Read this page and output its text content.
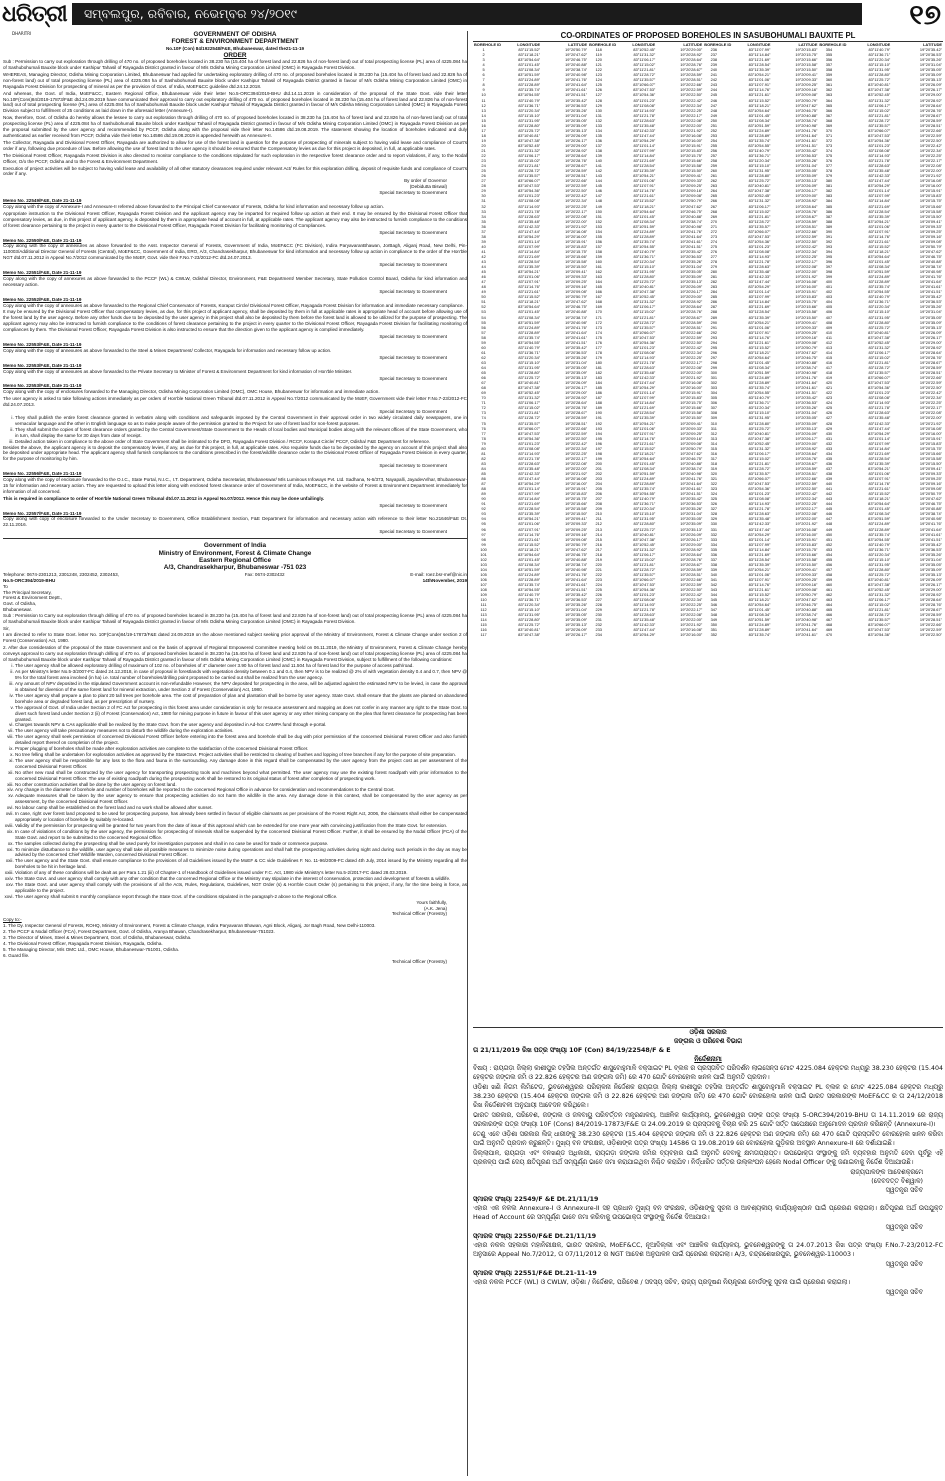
ଧରିତ୍ରୀ
DHARITRI
ସମ୍ବଲପୁର, ରବିବାର, ନଭେମ୍ବର ୨୪/୨୦୧୯	୧୭
GOVERNMENT OF ODISHA
FOREST & ENVIRONMENT DEPARTMENT
No.10F (Con) 84/1922548/F&E, Bhubaneswar, dated the21-11-19
ORDER
Sub : Permission to carry out exploration through drilling of 470 no. of proposed boreholes located in 38.230 ha (15.404 ha of forest land and 22.826 ha of non-forest land) out of total prospecting license (PL) area of 4225.084 ha of Sashubohumali Bauxite block under Kashipur Tahasil of Rayagada District granted in favour of M/s Odisha Mining Corporation Limited (OMC) in Rayagada Forest Division.
WHEREAS, Managing Director, Odisha Mining Corporation Limited, Bhubaneswar had applied for undertaking exploratory drilling of 470 no. of proposed boreholes located in 38.230 ha (15.404 ha of forest land and 22.826 ha of non-forest land) out of total prospecting license (PL) area of 4225.084 ha of Sashubohumali Bauxite block under Kashipur Tahasil of Rayagada District granted in favour of M/s Odisha Mining Corporation Limited (OMC) in Rayagada Forest Division for prospecting of mineral as per the provision of Govt. of India, MoEF&CC guideline dtd.24.12.2018.
And whereas, the Govt. of India, MoEF&CC, Eastern Regional Office, Bhubaneswar vide their letter No.5-ORC394/2019-BHU dtd.14.11.2019 in consideration of the proposal of the State Govt. vide their letter No.10F(Cons)84/2019-17873/F&E dtd.24.09.2019 have communicated their approval to carry out exploratory drilling of 470 no. of proposed boreholes located in 38.230 ha (15.404 ha of forest land and 22.826 ha of non-forest land) out of total prospecting license (PL) area of 4225.084 ha of Sashubohumali Bauxite block under Kashipur Tahasil of Rayagada District granted in favour of M/s Odisha Mining Corporation Limited (OMC) in Rayagada Forest Division subject to fulfillment of 25 conditions as laid down in the aforesaid letter (Annexure-I).
Now, therefore, Govt. of Odisha do hereby allows the lessee to carry out exploration through drilling of 470 no. of proposed boreholes located in 38.230 ha (15.404 ha of forest land and 22.826 ha of non-forest land) out of total prospecting license (PL) area of 4225.084 ha of Sashubohumali Bauxite block under Kashipur Tahasil of Rayagada District granted in favour of M/s Odisha Mining Corporation Limited (OMC) in Rayagada Forest Division as per the proposal submitted by the user agency and recommended by PCCF, Odisha along with the proposal vide their letter No.14586 dtd.19.08.2019. The statement showing the location of boreholes indicated and duly authenticated as earlier received from PCCF, Odisha vide their letter No.14586 dtd.19.08.2019 is appended herewith as Annexure-II.
The Collector, Rayagada and Divisional Forest Officer, Rayagada are authorized to allow for use of the forest land in question for the purpose of prospecting of minerals subject to having valid lease and compliance of Court's order if any, following due procedure of law. Before allowing the use of forest land to the user agency it should be ensured that the Compensatory levies as due for this project is deposited, in full, at applicable rates.
The Divisional Forest Officer, Rayagada Forest Division is also directed to monitor compliance to the conditions stipulated for such exploration in the respective forest clearance order and to report violations, if any, to the Nodal Officer, O/o the PCCF, Odisha and to the Forest & Environment Department.
Execution of project activities will be subject to having valid lease and availability of all other statutory clearances required under relevant Act/ Rules for this exploration drilling, deposit of requisite funds and compliance of Court's order if any.
By order of Governor
(Debidutta Biswal)
Special Secretary to Government
Memo No. 22549/F&E, Date 21-11-19
Copy along with the copy of Annexure-I and Annexure-II referred above forwarded to the Principal Chief Conservator of Forests, Odisha for kind information and necessary follow up action.
Appropriate instruction to the Divisional Forest Officer, Rayagada Forest Division and the applicant agency may be imparted for required follow up action at their end. It may be ensured by the Divisional Forest Officer that compensatory levies, as due, in this project of applicant agency, is deposited by them in appropriate head of account in full, at applicable rates. The applicant agency may also be instructed to furnish compliance to the conditions of forest clearance pertaining to the project in every quarter to the Divisional Forest Officer, Rayagada Forest Division for facilitating monitoring of Compliances.
Special Secretary to Government
Memo No. 22550/F&E, Date 21-11-19
Copy along with the copy of annexures as above forwarded to the Asst. Inspector General of Forests, Government of India, MoEF&CC (FC Division), Indira ParyavaranBhawan, JorBagh, Aliganj Road, New Delhi, Pin-110003/Additional Director General of Forests (Central), MoEF&CC, Government of India, ERO, A/3, Chandrasekharpur, Bhubaneswar for kind information and necessary follow up action in compliance to the order of the Hon'ble NGT dtd.07.11.2012 in Appeal No.7/2012 communicated by the MoEF, Govt. vide their F.No.7-23/2012-FC dtd.24.07.2013.
Special Secretary to Government
Memo No. 22551/F&E, Date 21-11-19
Copy along with the copy of annexures as above forwarded to the PCCF (WL) & CWLW, Odisha/ Director, Environment, F&E Department/ Member Secretary, State Pollution Control Board, Odisha for kind information and necessary action.
Special Secretary to Government
Memo No. 22552/F&E, Date 21-11-19
Copy along with the copy of annexures as above forwarded to the Regional Chief Conservator of Forests, Koraput Circle/ Divisional Forest Officer, Rayagada Forest Division for information and immediate necessary compliance.
It may be ensured by the Divisional Forest Officer that compensatory levies, as due, for this project of applicant agency, shall be deposited by them in full at applicable rates in appropriate head of account before allowing use of the forest land by the user agency. Before any other funds due to be deposited by the user agency in this project shall also be deposited by them before the forest land is allowed to be utilized for the purpose of prospecting. The applicant agency may also be instructed to furnish compliance to the conditions of forest clearance pertaining to the project in every quarter to the Divisional Forest Officer, Rayagada Forest Division for facilitating monitoring of compliances by them. The Divisional Forest Officer, Rayagada Forest Division is also instructed to ensure that the direction given to the applicant agency is complied immediately.
Special Secretary to Government
Memo No. 22553/F&E, Date 21-11-19
Copy along with the copy of annexures as above forwarded to the Steel & Mines Department/ Collector, Rayagada for information and necessary follow up action.
Special Secretary to Government
Memo No. 22553/F&E, Date 21-11-19
Copy along with the copy of annexures as above forwarded to the Private Secretary to Minister of Forest & Environment Department for kind information of Hon'ble Minister.
Special Secretary to Government
Memo No. 22553/F&E, Date 21-11-19
Copy along with the copy of enclosures forwarded to the Managing Director, Odisha Mining Corporation Limited (OMC), OMC House, Bhubaneswar for information and immediate action.
The user agency is asked to take following actions immediately as per orders of Hon'ble National Green Tribunal dtd.07.11.2012 in Appeal No.7/2012 communicated by the MoEF, Government vide their letter F.No.7-23/2012-FC dtd.24.07.2013.
Special Secretary to Government
i. They shall publish the entire forest clearance granted in verbatim along with conditions and safeguards imposed by the Central Government in their approval order in two widely circulated daily newspapers, one in vernacular language and the other in English language so as to make people aware of the permission granted to the Project for use of forest land for non-forest purposes.
ii. They shall submit the copies of forest clearance orders granted by the Central Government/State Government to the Heads of local bodies and Municipal bodies along with the relevant offices of the State Government, who in turn, shall display the same for 30 days from date of receipt.
iii. Detailed action taken in compliance to the above order of State Government shall be intimated to the DFO, Rayagada Forest Division / RCCF, Koraput Circle/ PCCF, Odisha/ F&E Department for reference.
Besides the above, the applicant agency is to deposit the compensatory levies, if any, as due for this project, in full, at applicable rates. Also requisite funds due to be deposited by the agency on account of this project shall also be deposited under appropriate head. The applicant agency shall furnish compliances to the conditions prescribed in the forest/wildlife clearance order to the Divisional Forest Officer of Rayagada Forest Division in every quarter, for the purpose of monitoring by him.
Special Secretary to Government
Memo No. 22556/F&E, Date 21-11-19
Copy along with the copy of enclosure forwarded to the O.I.C., State Portal, N.I.C., I.T. Department, Odisha Secretariat, Bhubaneswar/ M/s Luminous Infoways Pvt. Ltd. Sadhana, N-6/373, Nayapalli, JayadevVihar, Bhubaneswar-15 for information and necessary action. They are requested to upload this letter along with enclosed forest clearance order of Government of India, MoEF&CC, in the website of Forest & Environment Department immediately for information of all concerned.
This is required in compliance to order of Hon'ble National Green Tribunal dtd.07.11.2012 in Appeal No.07/2012. Hence this may be done unfailingly.
Special Secretary to Government
Memo No. 22557/F&E, Date 21-11-19
Copy along with copy of enclosure forwarded to the Under Secretary to Government, Office Establishment Section, F&E Department for information and necessary action with reference to their letter No.21646/F&E Dt. 22.11.2016.
Special Secretary to Government
Government of India
Ministry of Environment, Forest & Climate Change
Eastern Regional Office
A/3, Chandrasekharpur, Bhubaneswar -751 023
Telephone: 0674-2301213, 2301248, 2302452, 2302453,	Fax: 0674-2302432	E-mail: roez.bsr-mef@nic.in
No.5-ORC394/2019-BHU	14thNovember, 2019
To
The Principal Secretary,
Forest & Environment Deptt.,
Govt. of Odisha,
Bhubaneswar.
Sub : Permission to Carry out exploration through drilling of 470 no. of proposed boreholes located in 38.230 ha (15.404 ha of forest land and 22.826 ha of non-forest land) out of total prospecting license (PL) area of 4225.084 ha of Sashubohumali Bauxite block under Kashipur Tahasil of Rayagada District granted in favour of M/s Odisha Mining Corporation Limited (OMC) in Rayagada Forest Division.
Sir,
I am directed to refer to State Govt. letter No. 10F(Cons)84/19-17873/F&E dated 24.09.2019 on the above mentioned subject seeking prior approval of the Ministry of Environment, Forest & Climate Change under section 2 of Forest (Conservation) Act, 1980.
2. After due consideration of the proposal of the State Government and on the basis of approval of Regional Empowered Committee meeting held on 06.11.2019, the Ministry of Environment, Forest & Climate Change hereby conveys approval to carry out exploration through drilling of 470 no. of proposed boreholes located in 38.230 ha (15.404 ha of forest land and 22.826 ha of non-forest land) out of total prospecting license (PL) area of 4225.084 ha of Sashubohumali Bauxite block under Kashipur Tahasil of Rayagada District granted in favour of M/s Odisha Mining Corporation Limited (OMC) in Rayagada Forest Division, subject to fulfillment of the following conditions:
i. The user agency shall be allowed exploratory drilling of maximum of 102 no. of boreholes of 4" diameter over 3.90 ha of forest land and 11.504 ha of forest land for the purpose of access path/road.
ii. As per Ministry's letter No.5-3/2007-FC dated 24.12.2018, in case of proposal in forestlands with vegetation density between 0.1 and 0.4, then NPV is to be realized @ 2% of with vegetation density 0.4 and 0.7, then NPV @ 5% for the total forest area involved (in ha) i.e. total number of boreholes/drilling point proposed to be carried out shall be realized from the user agency.
iii. Any amount of NPV deposited in the stipulated Government account is non-refundable However, the NPV deposited for prospecting in the area, will be adjusted against the estimated NPV to be levied, in case the approval is obtained for diversion of the same forest land for mineral extraction, under Section 2 of Forest (Conservation) Act, 1980.
iv. The user agency shall prepare a plan to plant 20 tall trees per borehole area. The cost of preparation of plan and plantation shall be borne by user agency. State Govt. shall ensure that the plants are planted on abandoned borehole area or degraded forest land, as per prescription of nursery.
v. The approval of Govt. of India under Section 2 of FC Act for prospecting in this forest area under consideration is only for resource assessment and mapping as does not confer in any manner any right to the State Govt. to divert such forest land under Section 2 (ii) of Forest (Conservation) Act, 1980 for mining purpose in future in favour of this user agency or any other mining company on the plea that forest clearance for prospecting has been granted.
vi. Charges towards NPV & CAs applicable shall be realized by the State Govt. from the user agency and deposited in Ad-hoc CAMPA fund through e-portal.
vii. The user agency will take precautionary measures not to disturb the wildlife during the exploration activities.
viii. The user agency shall seek permission of concerned Divisional Forest Officer before entering into the forest area and borehole shall be dug with prior permission of the concerned Divisional Forest Officer and also furnish detailed report thereof on completion of the project.
ix. Proper plugging of boreholes shall be made after exploration activities are complete to the satisfaction of the concerned Divisional Forest Officer.
x. No tree felling shall be undertaken for exploration activities as approved by the StateGovt. Project activities shall be restricted to clearing of bushes and lopping of tree branches if any for the purpose of site preparation.
xi. The user agency shall be responsible for any loss to the flora and fauna in the surrounding. Any damage done in this regard shall be compensated by the user agency from the project cost as per assessment of the concerned Divisional Forest Officer.
xii. No other new road shall be constructed by the user agency for transporting prospecting tools and machines beyond what permitted. The user agency may use the existing forest road/path with prior information to the concerned Divisional Forest Officer. The use of existing road/path during the prospecting work shall be restored to its original status of forest after completion of prospecting work.
xiii. No other construction activities shall be done by the user agency on forest land.
xiv. Any change in the diameter of borehole and number of boreholes will be reported to the concerned Regional Office in advance for consideration and recommendations to the Central Govt.
xv. Adequate measures shall be taken by the user agency to ensure that prospecting activities do not harm the wildlife in the area. Any damage done in this context, shall be compensated by the user agency as per assessment, by the concerned Divisional Forest Officer.
xvi. No labour camp shall be established on the forest land and no work shall be allowed after sunset.
xvii. In case, right over forest land proposed to be used for prospecting purpose, has already been settled in favour of eligible claimants as per provisions of the Forest Right Act, 2006, the claimants shall either be compensated appropriately or location of borehole by suitably re-located.
xviii. Validity of the permission for prospecting will be granted for two years from the date of issue of this approval which can be extended for one more year with convincing justification from the State Govt. for extension.
xix. In case of violations of conditions by the user agency, the permission for prospecting of minerals shall be suspended by the concerned Divisional Forest Officer. Further, it shall be ensured by the Nodal Officer (FCA) of the State Govt. and report to be submitted to the concerned Regional Office.
xx. The samples collected during the prospecting shall be used purely for investigation purposes and shall in no case be used for trade or commerce purpose.
xxi. To minimize disturbance to the wildlife, user agency shall take all possible measures to minimize noise during operations and shall halt the prospecting activities during night and during such periods in the day as may be advised by the concerned Chief Wildlife Warden, concerned Divisional Forest Officer.
xxii. The user agency and the State Govt. shall ensure compliance to the provisions of all Guidelines issued by the MoEF & CC vide Guidelines F. No. 11-96/2009-FC dated 4th July, 2014 issued by the Ministry regarding all the boreholes to be hit in heritage land.
xxiii. Violation of any of these conditions will be dealt as per Para 1.21 (iii) of Chapter-1 of Handbook of Guidelines issued under F.C. Act, 1980 vide Ministry's letter No.5-2/2017-FC dated 28.03.2019.
xxiv. The State Govt. and user agency shall comply with any other condition that the concerned Regional Office or the Ministry may stipulate in the interest of conservation, protection and development of forests & wildlife.
xxv. The State Govt. and user agency shall comply with the provisions of all the Acts, Rules, Regulations, Guidelines, NGT Order (s) & Hon'ble Court Order (s) pertaining to this project, if any, for the time being in force, as applicable to the project.
xxvi. The user agency shall submit 6 monthly compliance report through the State Govt. of the conditions stipulated in the paragraph-2 above to the Regional Office.
Yours faithfully,
(A.K. Jena)
Technical Officer (Forestry)
Copy to:-
1. The Dy. Inspector General of Forests, ROHQ, Ministry of Environment, Forest & Climate Change, Indira Paryavaran Bhawan, Agni Block, Aliganj, Jor Bagh Road, New Delhi-110003.
2. The PCCF & Nodal Officer (FCA), Forest Department, Govt. of Odisha, Aranya Bhawan, Chandrasekharpur, Bhubaneswar-751023.
3. The Director of Mines, Steel & Mines Department, Govt. of Odisha, Bhubaneswar, Odisha.
4. The Divisional Forest Officer, Rayagada Forest Division, Rayagada, Odisha.
5. The Managing Director, M/s OMC Ltd., OMC House, Bhubaneswar-751001, Odisha.
6. Guard file.
Technical Officer (Forestry)
CO-ORDINATES OF PROPOSED BOREHOLES IN SASUBOHUMALI BAUXITE PL
BOREHOLE ID	LONGITUDE	LATITUDE	BOREHOLE ID	LONGITUDE	LATITUDE	BOREHOLE ID	LONGITUDE	LATITUDE	BOREHOLE ID	LONGITUDE	LATITUDE
1	83°11'15.52"	19°20'50.79"	118	83°10'52.45"	19°20'29.00"	236	83°11'07.99"	19°20'15.83"	354	83°11'40.79"	19°20'35.42"
2	83°11'18.21"	19°20'47.62"	119	83°11'31.32"	19°20'28.92"	237	83°11'14.84"	19°20'15.75"	355	83°11'36.71"	19°20'36.53"
3	83°10'54.64"	19°20'46.75"	120	83°11'06.17"	19°20'28.64"	238	83°11'21.69"	19°20'15.66"	356	83°11'20.34"	19°20'35.26"
4	83°11'01.45"	19°20'40.88"	121	83°11'15.02"	19°20'28.76"	239	83°11'28.54"	19°20'15.58"	357	83°11'15.10"	19°20'31.04"
5	83°11'08.34"	19°20'38.74"	122	83°11'21.81"	19°20'28.67"	240	83°11'35.39"	19°20'15.50"	358	83°11'31.95"	19°20'35.05"
6	83°10'51.59"	19°20'40.98"	123	83°11'28.72"	19°20'28.59"	241	83°10'54.21"	19°20'09.41"	359	83°11'28.80"	19°20'35.09"
7	83°11'24.89"	19°20'41.76"	124	83°11'35.57"	19°20'28.51"	242	83°11'01.06"	19°20'09.33"	360	83°11'25.72"	19°20'35.13"
8	83°11'28.89"	19°20'41.64"	125	83°10'66.07"	19°20'22.66"	243	83°11'07.91"	19°20'09.25"	361	83°10'40.81"	19°20'26.09"
9	83°11'35.74"	19°20'41.61"	126	83°10'47.53"	19°20'22.59"	244	83°11'14.76"	19°20'09.16"	362	83°10'47.38"	19°20'26.17"
10	83°10'54.55"	19°20'41.51"	127	83°10'54.36"	19°20'22.50"	245	83°11'21.61"	19°20'09.08"	363	83°10'52.45"	19°20'29.00"
11	83°11'40.79"	19°20'35.42"	128	83°11'01.23"	19°20'22.42"	246	83°11'15.52"	19°20'50.79"	364	83°11'31.32"	19°20'28.92"
12	83°11'36.71"	19°20'36.53"	129	83°11'08.08"	19°20'22.34"	247	83°11'18.21"	19°20'47.62"	365	83°11'06.17"	19°20'28.64"
13	83°11'20.34"	19°20'35.26"	130	83°11'14.93"	19°20'22.25"	248	83°10'54.64"	19°20'46.75"	366	83°11'15.02"	19°20'28.76"
14	83°11'15.10"	19°20'31.04"	131	83°11'21.78"	19°20'22.17"	249	83°11'01.45"	19°20'40.88"	367	83°11'21.81"	19°20'28.67"
15	83°11'31.95"	19°20'35.05"	132	83°11'28.63"	19°20'22.08"	250	83°11'08.34"	19°20'38.74"	368	83°11'28.72"	19°20'28.59"
16	83°11'28.80"	19°20'35.09"	133	83°11'35.48"	19°20'22.00"	251	83°10'51.59"	19°20'40.98"	369	83°11'35.57"	19°20'28.51"
17	83°11'25.72"	19°20'35.13"	134	83°11'42.33"	19°20'21.92"	252	83°11'24.89"	19°20'41.76"	370	83°10'66.07"	19°20'22.66"
18	83°10'40.81"	19°20'26.09"	135	83°11'47.44"	19°20'16.08"	253	83°11'28.89"	19°20'41.64"	371	83°10'47.53"	19°20'22.59"
19	83°10'47.38"	19°20'26.17"	136	83°10'54.29"	19°20'16.00"	254	83°11'35.74"	19°20'41.61"	372	83°10'54.36"	19°20'22.50"
20	83°10'52.45"	19°20'29.00"	137	83°11'01.14"	19°20'15.91"	255	83°10'54.55"	19°20'41.51"	373	83°11'01.23"	19°20'22.42"
21	83°11'31.32"	19°20'28.92"	138	83°11'07.99"	19°20'15.83"	256	83°11'40.79"	19°20'35.42"	374	83°11'08.08"	19°20'22.34"
22	83°11'06.17"	19°20'28.64"	139	83°11'14.84"	19°20'15.75"	257	83°11'36.71"	19°20'36.53"	375	83°11'14.93"	19°20'22.25"
23	83°11'15.02"	19°20'28.76"	140	83°11'21.69"	19°20'15.66"	258	83°11'20.34"	19°20'35.26"	376	83°11'21.78"	19°20'22.17"
24	83°11'21.81"	19°20'28.67"	141	83°11'28.54"	19°20'15.58"	259	83°11'15.10"	19°20'31.04"	377	83°11'28.63"	19°20'22.08"
25	83°11'28.72"	19°20'28.59"	142	83°11'35.39"	19°20'15.50"	260	83°11'31.95"	19°20'35.05"	378	83°11'35.48"	19°20'22.00"
26	83°11'35.57"	19°20'28.51"	143	83°10'54.21"	19°20'09.41"	261	83°11'28.80"	19°20'35.09"	379	83°11'42.33"	19°20'21.92"
27	83°10'66.07"	19°20'22.66"	144	83°11'01.06"	19°20'09.33"	262	83°11'25.72"	19°20'35.13"	380	83°11'47.44"	19°20'16.08"
28	83°10'47.53"	19°20'22.59"	145	83°11'07.91"	19°20'09.25"	263	83°10'40.81"	19°20'26.09"	381	83°10'54.29"	19°20'16.00"
29	83°10'54.36"	19°20'22.50"	146	83°11'14.76"	19°20'09.16"	264	83°10'47.38"	19°20'26.17"	382	83°11'01.14"	19°20'15.91"
30	83°11'01.23"	19°20'22.42"	147	83°11'21.61"	19°20'09.08"	265	83°10'52.45"	19°20'29.00"	383	83°11'07.99"	19°20'15.83"
31	83°11'08.08"	19°20'22.34"	148	83°11'15.52"	19°20'50.79"	266	83°11'31.32"	19°20'28.92"	384	83°11'14.84"	19°20'15.75"
32	83°11'14.93"	19°20'22.25"	149	83°11'18.21"	19°20'47.62"	267	83°11'06.17"	19°20'28.64"	385	83°11'21.69"	19°20'15.66"
33	83°11'21.78"	19°20'22.17"	150	83°10'54.64"	19°20'46.75"	268	83°11'15.02"	19°20'28.76"	386	83°11'28.54"	19°20'15.58"
34	83°11'28.63"	19°20'22.08"	151	83°11'01.45"	19°20'40.88"	269	83°11'21.81"	19°20'28.67"	387	83°11'35.39"	19°20'15.50"
35	83°11'35.48"	19°20'22.00"	152	83°11'08.34"	19°20'38.74"	270	83°11'28.72"	19°20'28.59"	388	83°10'54.21"	19°20'09.41"
36	83°11'42.33"	19°20'21.92"	153	83°10'51.59"	19°20'40.98"	271	83°11'35.57"	19°20'28.51"	389	83°11'01.06"	19°20'09.33"
37	83°11'47.44"	19°20'16.08"	154	83°11'24.89"	19°20'41.76"	272	83°10'66.07"	19°20'22.66"	390	83°11'07.91"	19°20'09.25"
38	83°10'54.29"	19°20'16.00"	155	83°11'28.89"	19°20'41.64"	273	83°10'47.53"	19°20'22.59"	391	83°11'14.76"	19°20'09.16"
39	83°11'01.14"	19°20'15.91"	156	83°11'35.74"	19°20'41.61"	274	83°10'54.36"	19°20'22.50"	392	83°11'21.61"	19°20'09.08"
40	83°11'07.99"	19°20'15.83"	157	83°10'54.55"	19°20'41.51"	275	83°11'01.23"	19°20'22.42"	393	83°11'15.52"	19°20'50.79"
41	83°11'14.84"	19°20'15.75"	158	83°11'40.79"	19°20'35.42"	276	83°11'08.08"	19°20'22.34"	394	83°11'18.21"	19°20'47.62"
42	83°11'21.69"	19°20'15.66"	159	83°11'36.71"	19°20'36.53"	277	83°11'14.93"	19°20'22.25"	395	83°10'54.64"	19°20'46.75"
43	83°11'28.54"	19°20'15.58"	160	83°11'20.34"	19°20'35.26"	278	83°11'21.78"	19°20'22.17"	396	83°11'01.45"	19°20'40.88"
44	83°11'35.39"	19°20'15.50"	161	83°11'15.10"	19°20'31.04"	279	83°11'28.63"	19°20'22.08"	397	83°11'08.34"	19°20'38.74"
45	83°10'54.21"	19°20'09.41"	162	83°11'31.95"	19°20'35.05"	280	83°11'35.48"	19°20'22.00"	398	83°10'51.59"	19°20'40.98"
46	83°11'01.06"	19°20'09.33"	163	83°11'28.80"	19°20'35.09"	281	83°11'42.33"	19°20'21.92"	399	83°11'24.89"	19°20'41.76"
47	83°11'07.91"	19°20'09.25"	164	83°11'25.72"	19°20'35.13"	282	83°11'47.44"	19°20'16.08"	400	83°11'28.89"	19°20'41.64"
48	83°11'14.76"	19°20'09.16"	165	83°10'40.81"	19°20'26.09"	283	83°10'54.29"	19°20'16.00"	401	83°11'35.74"	19°20'41.61"
49	83°11'21.61"	19°20'09.08"	166	83°10'47.38"	19°20'26.17"	284	83°11'01.14"	19°20'15.91"	402	83°10'54.55"	19°20'41.51"
50	83°11'15.52"	19°20'50.79"	167	83°10'52.45"	19°20'29.00"	285	83°11'07.99"	19°20'15.83"	403	83°11'40.79"	19°20'35.42"
51	83°11'18.21"	19°20'47.62"	168	83°11'31.32"	19°20'28.92"	286	83°11'14.84"	19°20'15.75"	404	83°11'36.71"	19°20'36.53"
52	83°10'54.64"	19°20'46.75"	169	83°11'06.17"	19°20'28.64"	287	83°11'21.69"	19°20'15.66"	405	83°11'20.34"	19°20'35.26"
53	83°11'01.45"	19°20'40.88"	170	83°11'15.02"	19°20'28.76"	288	83°11'28.54"	19°20'15.58"	406	83°11'15.10"	19°20'31.04"
54	83°11'08.34"	19°20'38.74"	171	83°11'21.81"	19°20'28.67"	289	83°11'35.39"	19°20'15.50"	407	83°11'31.95"	19°20'35.05"
55	83°10'51.59"	19°20'40.98"	172	83°11'28.72"	19°20'28.59"	290	83°10'54.21"	19°20'09.41"	408	83°11'28.80"	19°20'35.09"
56	83°11'24.89"	19°20'41.76"	173	83°11'35.57"	19°20'28.51"	291	83°11'01.06"	19°20'09.33"	409	83°11'25.72"	19°20'35.13"
57	83°11'28.89"	19°20'41.64"	174	83°10'66.07"	19°20'22.66"	292	83°11'07.91"	19°20'09.25"	410	83°10'40.81"	19°20'26.09"
58	83°11'35.74"	19°20'41.61"	175	83°10'47.53"	19°20'22.59"	293	83°11'14.76"	19°20'09.16"	411	83°10'47.38"	19°20'26.17"
59	83°10'54.55"	19°20'41.51"	176	83°10'54.36"	19°20'22.50"	294	83°11'21.61"	19°20'09.08"	412	83°10'52.45"	19°20'29.00"
60	83°11'40.79"	19°20'35.42"	177	83°11'01.23"	19°20'22.42"	295	83°11'15.52"	19°20'50.79"	413	83°11'31.32"	19°20'28.92"
61	83°11'36.71"	19°20'36.53"	178	83°11'08.08"	19°20'22.34"	296	83°11'18.21"	19°20'47.62"	414	83°11'06.17"	19°20'28.64"
62	83°11'20.34"	19°20'35.26"	179	83°11'14.93"	19°20'22.25"	297	83°10'54.64"	19°20'46.75"	415	83°11'15.02"	19°20'28.76"
63	83°11'15.10"	19°20'31.04"	180	83°11'21.78"	19°20'22.17"	298	83°11'01.45"	19°20'40.88"	416	83°11'21.81"	19°20'28.67"
64	83°11'31.95"	19°20'35.05"	181	83°11'28.63"	19°20'22.08"	299	83°11'08.34"	19°20'38.74"	417	83°11'28.72"	19°20'28.59"
65	83°11'28.80"	19°20'35.09"	182	83°11'35.48"	19°20'22.00"	300	83°10'51.59"	19°20'40.98"	418	83°11'35.57"	19°20'28.51"
66	83°11'25.72"	19°20'35.13"	183	83°11'42.33"	19°20'21.92"	301	83°11'24.89"	19°20'41.76"	419	83°10'66.07"	19°20'22.66"
67	83°10'40.81"	19°20'26.09"	184	83°11'47.44"	19°20'16.08"	302	83°11'28.89"	19°20'41.64"	420	83°10'47.53"	19°20'22.59"
68	83°10'47.38"	19°20'26.17"	185	83°10'54.29"	19°20'16.00"	303	83°11'35.74"	19°20'41.61"	421	83°10'54.36"	19°20'22.50"
69	83°10'52.45"	19°20'29.00"	186	83°11'01.14"	19°20'15.91"	304	83°10'54.55"	19°20'41.51"	422	83°11'01.23"	19°20'22.42"
70	83°11'31.32"	19°20'28.92"	187	83°11'07.99"	19°20'15.83"	305	83°11'40.79"	19°20'35.42"	423	83°11'08.08"	19°20'22.34"
71	83°11'06.17"	19°20'28.64"	188	83°11'14.84"	19°20'15.75"	306	83°11'36.71"	19°20'36.53"	424	83°11'14.93"	19°20'22.25"
72	83°11'15.02"	19°20'28.76"	189	83°11'21.69"	19°20'15.66"	307	83°11'20.34"	19°20'35.26"	425	83°11'21.78"	19°20'22.17"
73	83°11'21.81"	19°20'28.67"	190	83°11'28.54"	19°20'15.58"	308	83°11'15.10"	19°20'31.04"	426	83°11'28.63"	19°20'22.08"
74	83°11'28.72"	19°20'28.59"	191	83°11'35.39"	19°20'15.50"	309	83°11'31.95"	19°20'35.05"	427	83°11'35.48"	19°20'22.00"
75	83°11'35.57"	19°20'28.51"	192	83°10'54.21"	19°20'09.41"	310	83°11'28.80"	19°20'35.09"	428	83°11'42.33"	19°20'21.92"
76	83°10'66.07"	19°20'22.66"	193	83°11'01.06"	19°20'09.33"	311	83°11'25.72"	19°20'35.13"	429	83°11'47.44"	19°20'16.08"
77	83°10'47.53"	19°20'22.59"	194	83°11'07.91"	19°20'09.25"	312	83°10'40.81"	19°20'26.09"	430	83°10'54.29"	19°20'16.00"
78	83°10'54.36"	19°20'22.50"	195	83°11'14.76"	19°20'09.16"	313	83°10'47.38"	19°20'26.17"	431	83°11'01.14"	19°20'15.91"
79	83°11'01.23"	19°20'22.42"	196	83°11'21.61"	19°20'09.08"	314	83°10'52.45"	19°20'29.00"	432	83°11'07.99"	19°20'15.83"
80	83°11'08.08"	19°20'22.34"	197	83°11'15.52"	19°20'50.79"	315	83°11'31.32"	19°20'28.92"	433	83°11'14.84"	19°20'15.75"
81	83°11'14.93"	19°20'22.25"	198	83°11'18.21"	19°20'47.62"	316	83°11'06.17"	19°20'28.64"	434	83°11'21.69"	19°20'15.66"
82	83°11'21.78"	19°20'22.17"	199	83°10'54.64"	19°20'46.75"	317	83°11'15.02"	19°20'28.76"	435	83°11'28.54"	19°20'15.58"
83	83°11'28.63"	19°20'22.08"	200	83°11'01.45"	19°20'40.88"	318	83°11'21.81"	19°20'28.67"	436	83°11'35.39"	19°20'15.50"
84	83°11'35.48"	19°20'22.00"	201	83°11'08.34"	19°20'38.74"	319	83°11'28.72"	19°20'28.59"	437	83°10'54.21"	19°20'09.41"
85	83°11'42.33"	19°20'21.92"	202	83°10'51.59"	19°20'40.98"	320	83°11'35.57"	19°20'28.51"	438	83°11'01.06"	19°20'09.33"
86	83°11'47.44"	19°20'16.08"	203	83°11'24.89"	19°20'41.76"	321	83°10'66.07"	19°20'22.66"	439	83°11'07.91"	19°20'09.25"
87	83°10'54.29"	19°20'16.00"	204	83°11'28.89"	19°20'41.64"	322	83°10'47.53"	19°20'22.59"	440	83°11'14.76"	19°20'09.16"
88	83°11'01.14"	19°20'15.91"	205	83°11'35.74"	19°20'41.61"	323	83°10'54.36"	19°20'22.50"	441	83°11'21.61"	19°20'09.08"
89	83°11'07.99"	19°20'15.83"	206	83°10'54.55"	19°20'41.51"	324	83°11'01.23"	19°20'22.42"	442	83°11'15.52"	19°20'50.79"
90	83°11'14.84"	19°20'15.75"	207	83°11'40.79"	19°20'35.42"	325	83°11'08.08"	19°20'22.34"	443	83°11'18.21"	19°20'47.62"
91	83°11'21.69"	19°20'15.66"	208	83°11'36.71"	19°20'36.53"	326	83°11'14.93"	19°20'22.25"	444	83°10'54.64"	19°20'46.75"
92	83°11'28.54"	19°20'15.58"	209	83°11'20.34"	19°20'35.26"	327	83°11'21.78"	19°20'22.17"	445	83°11'01.45"	19°20'40.88"
93	83°11'35.39"	19°20'15.50"	210	83°11'15.10"	19°20'31.04"	328	83°11'28.63"	19°20'22.08"	446	83°11'08.34"	19°20'38.74"
94	83°10'54.21"	19°20'09.41"	211	83°11'31.95"	19°20'35.05"	329	83°11'35.48"	19°20'22.00"	447	83°10'51.59"	19°20'40.98"
95	83°11'01.06"	19°20'09.33"	212	83°11'28.80"	19°20'35.09"	330	83°11'42.33"	19°20'21.92"	448	83°11'24.89"	19°20'41.76"
96	83°11'07.91"	19°20'09.25"	213	83°11'25.72"	19°20'35.13"	331	83°11'47.44"	19°20'16.08"	449	83°11'28.89"	19°20'41.64"
97	83°11'14.76"	19°20'09.16"	214	83°10'40.81"	19°20'26.09"	332	83°10'54.29"	19°20'16.00"	450	83°11'35.74"	19°20'41.61"
98	83°11'21.61"	19°20'09.08"	215	83°10'47.38"	19°20'26.17"	333	83°11'01.14"	19°20'15.91"	451	83°10'54.55"	19°20'41.51"
99	83°11'15.52"	19°20'50.79"	216	83°10'52.45"	19°20'29.00"	334	83°11'07.99"	19°20'15.83"	452	83°11'40.79"	19°20'35.42"
100	83°11'18.21"	19°20'47.62"	217	83°11'31.32"	19°20'28.92"	335	83°11'14.84"	19°20'15.75"	453	83°11'36.71"	19°20'36.53"
101	83°10'54.64"	19°20'46.75"	218	83°11'06.17"	19°20'28.64"	336	83°11'21.69"	19°20'15.66"	454	83°11'20.34"	19°20'35.26"
102	83°11'01.45"	19°20'40.88"	219	83°11'15.02"	19°20'28.76"	337	83°11'28.54"	19°20'15.58"	455	83°11'15.10"	19°20'31.04"
103	83°11'08.34"	19°20'38.74"	220	83°11'21.81"	19°20'28.67"	338	83°11'35.39"	19°20'15.50"	456	83°11'31.95"	19°20'35.05"
104	83°10'51.59"	19°20'40.98"	221	83°11'28.72"	19°20'28.59"	339	83°10'54.21"	19°20'09.41"	457	83°11'28.80"	19°20'35.09"
105	83°11'24.89"	19°20'41.76"	222	83°11'35.57"	19°20'28.51"	340	83°11'01.06"	19°20'09.33"	458	83°11'25.72"	19°20'35.13"
106	83°11'28.89"	19°20'41.64"	223	83°10'66.07"	19°20'22.66"	341	83°11'07.91"	19°20'09.25"	459	83°10'40.81"	19°20'26.09"
107	83°11'35.74"	19°20'41.61"	224	83°10'47.53"	19°20'22.59"	342	83°11'14.76"	19°20'09.16"	460	83°10'47.38"	19°20'26.17"
108	83°10'54.55"	19°20'41.51"	225	83°10'54.36"	19°20'22.50"	343	83°11'21.61"	19°20'09.08"	461	83°10'52.45"	19°20'29.00"
109	83°11'40.79"	19°20'35.42"	226	83°11'01.23"	19°20'22.42"	344	83°11'15.52"	19°20'50.79"	462	83°11'31.32"	19°20'28.92"
110	83°11'36.71"	19°20'36.53"	227	83°11'08.08"	19°20'22.34"	345	83°11'18.21"	19°20'47.62"	463	83°11'06.17"	19°20'28.64"
111	83°11'20.34"	19°20'35.26"	228	83°11'14.93"	19°20'22.25"	346	83°10'54.64"	19°20'46.75"	464	83°11'15.02"	19°20'28.76"
112	83°11'15.10"	19°20'31.04"	229	83°11'21.78"	19°20'22.17"	347	83°11'01.45"	19°20'40.88"	465	83°11'21.81"	19°20'28.67"
113	83°11'31.95"	19°20'35.05"	230	83°11'28.63"	19°20'22.08"	348	83°11'08.34"	19°20'38.74"	466	83°11'28.72"	19°20'28.59"
114	83°11'28.80"	19°20'35.09"	231	83°11'35.48"	19°20'22.00"	349	83°10'51.59"	19°20'40.98"	467	83°11'35.57"	19°20'28.51"
115	83°11'25.72"	19°20'35.13"	232	83°11'42.33"	19°20'21.92"	350	83°11'24.89"	19°20'41.76"	468	83°10'66.07"	19°20'22.66"
116	83°10'40.81"	19°20'26.09"	233	83°11'47.44"	19°20'16.08"	351	83°11'28.89"	19°20'41.64"	469	83°10'47.53"	19°20'22.59"
117	83°10'47.38"	19°20'26.17"	234	83°10'54.29"	19°20'16.00"	352	83°11'35.74"	19°20'41.61"	470	83°10'54.36"	19°20'22.50"
ଓଡ଼ିଶା ସରକାର
ଜଙ୍ଗଲ ଓ ପରିବେଶ ବିଭାଗ
ତା 21/11/2019 ରିଖ ପତ୍ର ସଂଖ୍ୟା 10F (Con) 84/19/22548/F & E
ନିର୍ଦ୍ଦେଶନାମା
ବିଷୟ : ରାୟଗଡ଼ା ଜିଲ୍ଲା କାଶୀପୁର ତହସିଲ ଅନ୍ତର୍ଗତ ଶାସୁବୋହୁମାଳି ବକ୍ସାଇଟ PL ବ୍ଲକ ର ପ୍ରସ୍ତାବିତ ପରିଦର୍ଶନ ଲାଇସେନ୍ସ ମୋଟ 4225.084 ହେକ୍ଟର ମଧ୍ୟରୁ 38.230 ହେକ୍ଟର (15.404 ହେକ୍ଟର ଜଙ୍ଗଲ ଜମି ଓ 22.826 ହେକ୍ଟର ଅଣ ଜଙ୍ଗଲ ଜମି) ରେ 470 ଗୋଟି ବୋରହୋଲ ଖନନ ପାଇଁ ଅନୁମତି ପ୍ରଦାନ।
ଓଡ଼ିଶା ଖଣି ନିଗମ ଲିମିଟେଡ, ଭୁବନେଶ୍ୱରର ପରିଚାଳନା ନିର୍ଦ୍ଦେଶକ ରାୟଗଡ଼ା ଜିଲ୍ଲା କାଶୀପୁର ତହସିଲ ଅନ୍ତର୍ଗତ ଶାସୁବୋହୁମାଳି ବକ୍ସାଇଟ PL ବ୍ଲକ ର ମୋଟ 4225.084 ହେକ୍ଟର ମଧ୍ୟରୁ 38.230 ହେକ୍ଟର (15.404 ହେକ୍ଟର ଜଙ୍ଗଲ ଜମି ଓ 22.826 ହେକ୍ଟର ଅଣ ଜଙ୍ଗଲ ଜମି) ରେ 470 ଗୋଟି ବୋରହୋଲ ଖନନ ପାଇଁ ଭାରତ ସରକାରଙ୍କ MoEF&CC ର ତା 24/12/2018 ରିଖ ନିର୍ଦ୍ଦେଶାବଳୀ ଅନୁଯାୟୀ ଆବେଦନ କରିଥିଲେ।
ଭାରତ ସରକାର, ପରିବେଶ, ଜଙ୍ଗଲ ଓ ଜଳବାୟୁ ପରିବର୍ତ୍ତନ ମନ୍ତ୍ରଣାଳୟ, ଆଞ୍ଚଳିକ କାର୍ଯ୍ୟାଳୟ, ଭୁବନେଶ୍ୱର ତାଙ୍କ ପତ୍ର ସଂଖ୍ୟା 5-ORC394/2019-BHU ତା 14.11.2019 ରେ ରାଜ୍ୟ ସରକାରଙ୍କ ପତ୍ର ସଂଖ୍ୟା 10F (Cons) 84/2019-17873/F&E ତା 24.09.2019 ର ପ୍ରସ୍ତାବକୁ ବିଚାର କରି 25 ଗୋଟି ସର୍ତ୍ତ ସାପେକ୍ଷରେ ଅନୁମୋଦନ ପ୍ରଦାନ କରିଛନ୍ତି (Annexure-I)।
ତେଣୁ ଏବେ ଓଡ଼ିଶା ସରକାର ଲିଜ୍ ଧାରୀଙ୍କୁ 38.230 ହେକ୍ଟର (15.404 ହେକ୍ଟର ଜଙ୍ଗଲ ଜମି ଓ 22.826 ହେକ୍ଟର ଅଣ ଜଙ୍ଗଲ ଜମି) ରେ 470 ଗୋଟି ପ୍ରସ୍ତାବିତ ବୋରହୋଲ ଖନନ କରିବା ପାଇଁ ଅନୁମତି ପ୍ରଦାନ କରୁଛନ୍ତି। ମୁଖ୍ୟ ବନ ସଂରକ୍ଷକ, ଓଡ଼ିଶାଙ୍କ ପତ୍ର ସଂଖ୍ୟା 14586 ତା 19.08.2019 ରେ ବୋରହୋଲ ଗୁଡ଼ିକର ଅବସ୍ଥାନ Annexure-II ରେ ଦର୍ଶାଯାଇଛି।
ଜିଲ୍ଲାପାଳ, ରାୟଗଡ଼ା ଏବଂ ବନଖଣ୍ଡ ଅଧିକାରୀ, ରାୟଗଡ଼ା ଜଙ୍ଗଲ ଜମିର ବ୍ୟବହାର ପାଇଁ ଅନୁମତି ଦେବାକୁ କ୍ଷମତାପ୍ରାପ୍ତ। ଉପଭୋକ୍ତା ସଂସ୍ଥାଙ୍କୁ ଜମି ବ୍ୟବହାର ଅନୁମତି ଦେବା ପୂର୍ବରୁ ଏହି ପ୍ରକଳ୍ପ ପାଇଁ ଦେୟ କ୍ଷତିପୂରଣ ଅର୍ଥ ସମ୍ପୂର୍ଣ୍ଣ ଭାବେ ଜମା କରାଯାଇଥିବା ନିଶ୍ଚିତ କରାଯିବ। ନିର୍ଦ୍ଧାରିତ ସର୍ତ୍ତର ଉଲ୍ଲଂଘନ ହେଲେ Nodal Officer ଙ୍କୁ ଜଣାଇବାକୁ ନିର୍ଦ୍ଦେଶ ଦିଆଯାଉଛି।
ରାଜ୍ୟପାଳଙ୍କ ଆଦେଶକ୍ରମେ
(ଦେବଦତ୍ତ ବିଶ୍ୱାଳ)
ସ୍ୱତନ୍ତ୍ର ସଚିବ
ସ୍ମାରକ ସଂଖ୍ୟା 22549/F &E Dt.21/11/19
ଏହାର ଏକ ନକଲ Annexure-I ଓ Annexure-II ସହ ପ୍ରଧାନ ମୁଖ୍ୟ ବନ ସଂରକ୍ଷକ, ଓଡ଼ିଶାଙ୍କୁ ସୂଚନା ଓ ଆବଶ୍ୟକୀୟ କାର୍ଯ୍ୟାନୁଷ୍ଠାନ ପାଇଁ ପ୍ରେରଣ କରାଗଲା। କ୍ଷତିପୂରଣ ଅର୍ଥ ଉପଯୁକ୍ତ Head of Account ରେ ସମ୍ପୂର୍ଣ୍ଣ ଭାବେ ଜମା କରିବାକୁ ଉପଭୋକ୍ତା ସଂସ୍ଥାଙ୍କୁ ନିର୍ଦ୍ଦେଶ ଦିଆଯାଉ।
ସ୍ୱତନ୍ତ୍ର ସଚିବ
ସ୍ମାରକ ସଂଖ୍ୟା 22550/F&E Dt.21/11/19
ଏହାର ନକଲ ସହକାରୀ ମହାନିରୀକ୍ଷକ, ଭାରତ ସରକାର, MoEF&CC, ନୂଆଦିଲ୍ଲୀ ଏବଂ ଆଞ୍ଚଳିକ କାର୍ଯ୍ୟାଳୟ, ଭୁବନେଶ୍ୱରଙ୍କୁ ତା 24.07.2013 ରିଖ ପତ୍ର ସଂଖ୍ୟା F.No.7-23/2012-FC ଅନୁସାରେ Appeal No.7/2012, ତା 07/11/2012 ର NGT ଆଦେଶ ଅନୁପାଳନ ପାଇଁ ପ୍ରେରଣ କରାଗଲା। A/3, ଚନ୍ଦ୍ରଶେଖରପୁର, ଭୁବନେଶ୍ୱର-110003।
ସ୍ୱତନ୍ତ୍ର ସଚିବ
ସ୍ମାରକ ସଂଖ୍ୟା 22551/F&E Dt.21-11-19
ଏହାର ନକଲ PCCF (WL) ଓ CWLW, ଓଡ଼ିଶା / ନିର୍ଦ୍ଦେଶକ, ପରିବେଶ / ସଦସ୍ୟ ସଚିବ, ରାଜ୍ୟ ପ୍ରଦୂଷଣ ନିୟନ୍ତ୍ରଣ ବୋର୍ଡଙ୍କୁ ସୂଚନା ପାଇଁ ପ୍ରେରଣ କରାଗଲା।
ସ୍ୱତନ୍ତ୍ର ସଚିବ
